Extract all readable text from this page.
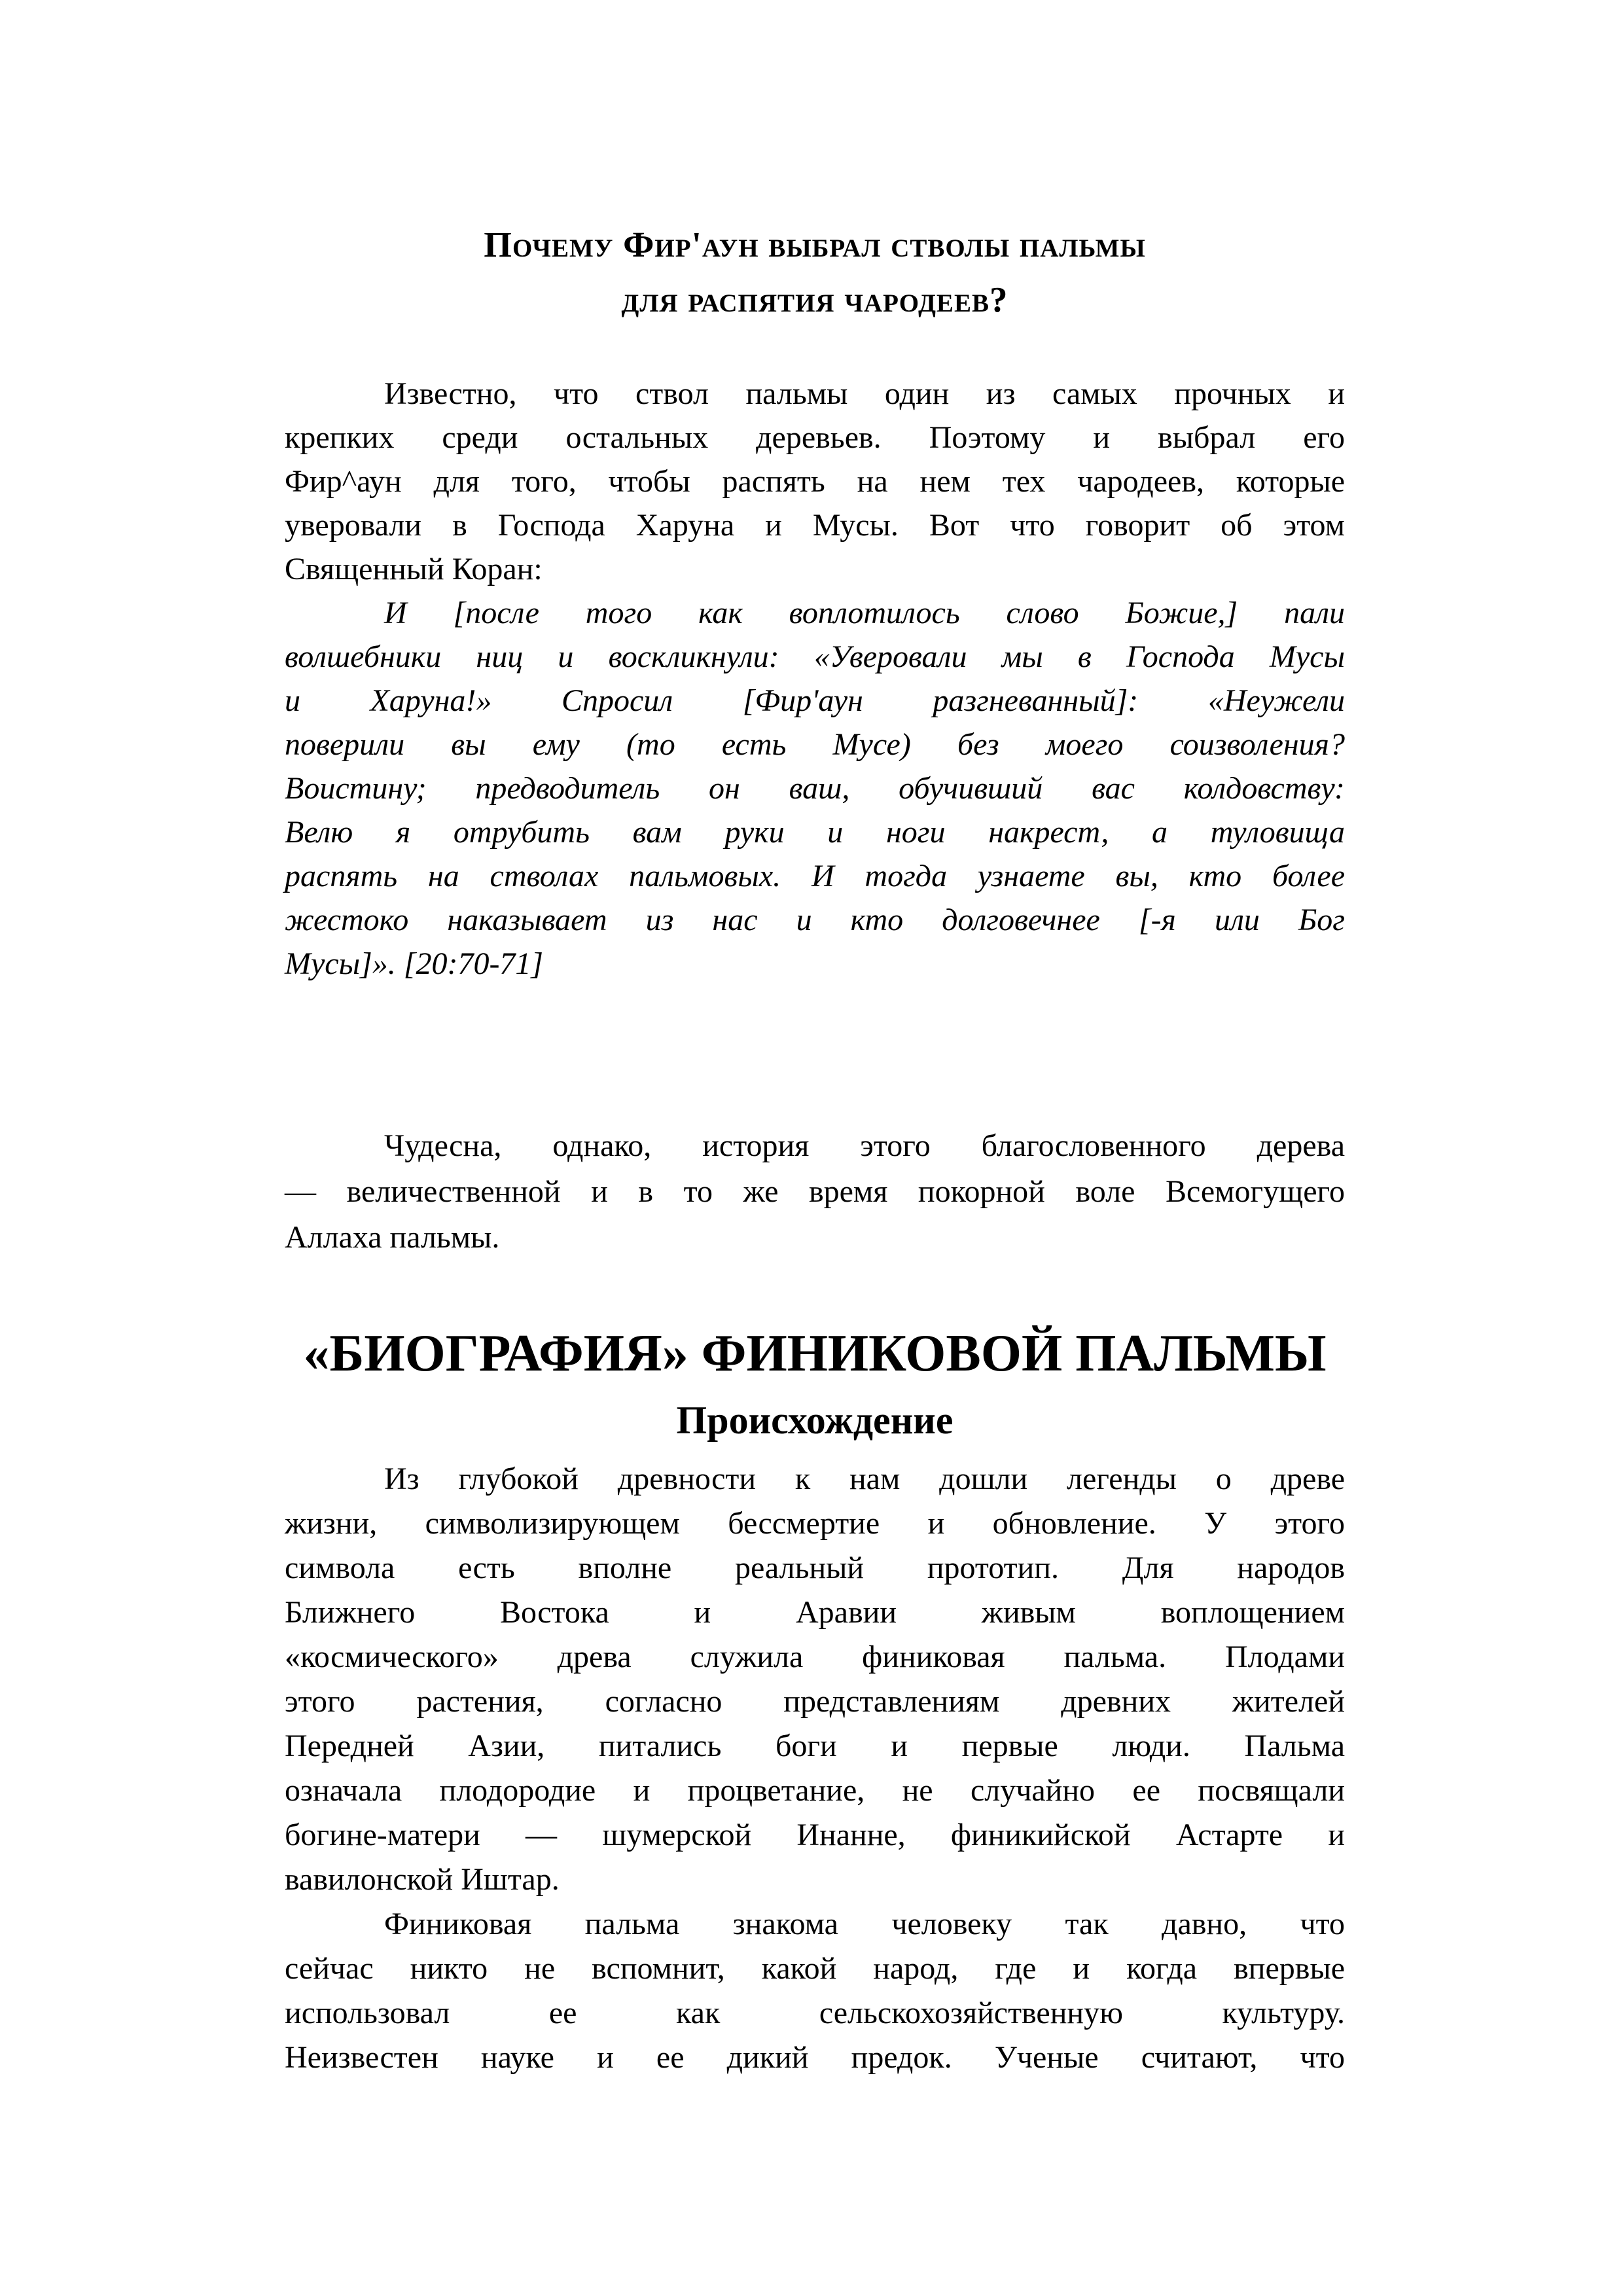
Почему Фир'аун выбрал стволы пальмы
для распятия чародеев?
Известно, что ствол пальмы один из самых прочных и
крепких среди остальных деревьев. Поэтому и выбрал его
Фир^аун для того, чтобы распять на нем тех чародеев, которые
уверовали в Господа Харуна и Мусы. Вот что говорит об этом
Священный Коран:
И [после того как воплотилось слово Божие,] пали
волшебники ниц и воскликнули: «Уверовали мы в Господа Мусы
и Харуна!» Спросил [Фир'аун разгневанный]: «Неужели
поверили вы ему (то есть Мусе) без моего соизволения?
Воистину; предводитель он ваш, обучивший вас колдовству:
Велю я отрубить вам руки и ноги накрест, а туловища
распять на стволах пальмовых. И тогда узнаете вы, кто более
жестоко наказывает из нас и кто долговечнее [-я или Бог
Мусы]». [20:70-71]
Чудесна, однако, история этого благословенного дерева
— величественной и в то же время покорной воле Всемогущего
Аллаха пальмы.
«БИОГРАФИЯ» ФИНИКОВОЙ ПАЛЬМЫ
Происхождение
Из глубокой древности к нам дошли легенды о древе
жизни, символизирующем бессмертие и обновление. У этого
символа есть вполне реальный прототип. Для народов
Ближнего Востока и Аравии живым воплощением
«космического» древа служила финиковая пальма. Плодами
этого растения, согласно представлениям древних жителей
Передней Азии, питались боги и первые люди. Пальма
означала плодородие и процветание, не случайно ее посвящали
богине-матери — шумерской Инанне, финикийской Астарте и
вавилонской Иштар.
Финиковая пальма знакома человеку так давно, что
сейчас никто не вспомнит, какой народ, где и когда впервые
использовал ее как сельскохозяйственную культуру.
Неизвестен науке и ее дикий предок. Ученые считают, что
